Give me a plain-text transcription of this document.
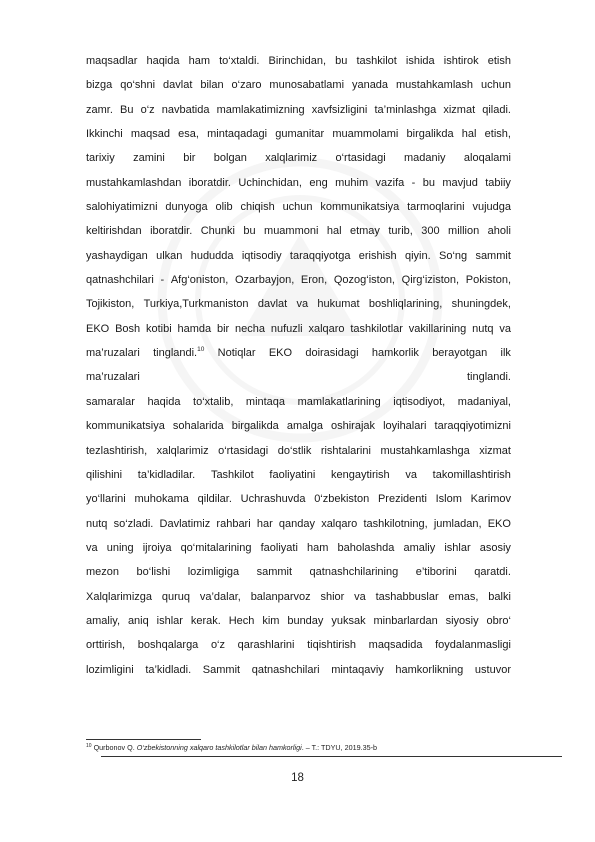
maqsadlar haqida ham to‘xtaldi. Birinchidan, bu tashkilot ishida ishtirok etish
bizga qo‘shni davlat bilan o‘zaro munosabatlami yanada mustahkamlash uchun
zamr. Bu o‘z navbatida mamlakatimizning xavfsizligini ta’minlashga xizmat qiladi.
Ikkinchi maqsad esa, mintaqadagi gumanitar muammolami birgalikda hal etish,
tarixiy zamini bir bolgan xalqlarimiz o‘rtasidagi madaniy aloqalami
mustahkamlashdan iboratdir. Uchinchidan, eng muhim vazifa - bu mavjud tabiiy
salohiyatimizni dunyoga olib chiqish uchun kommunikatsiya tarmoqlarini vujudga
keltirishdan iboratdir. Chunki bu muammoni hal etmay turib, 300 million aholi
yashaydigan ulkan hududda iqtisodiy taraqqiyotga erishish qiyin. So‘ng sammit
qatnashchilari - Afg‘oniston, Ozarbayjon, Eron, Qozog‘iston, Qirg‘iziston, Pokiston,
Tojikiston, Turkiya,Turkmaniston davlat va hukumat boshliqlarining, shuningdek,
EKO Bosh kotibi hamda bir necha nufuzli xalqaro tashkilotlar vakillarining nutq va
ma’ruzalari tinglandi.$^{10}$ Notiqlar EKO doirasidagi hamkorlik berayotgan ilk
ma’ruzalari	tinglandi.
samaralar haqida to‘xtalib, mintaqa mamlakatlarining iqtisodiyot, madaniyal,
kommunikatsiya sohalarida birgalikda amalga oshirajak loyihalari taraqqiyotimizni
tezlashtirish, xalqlarimiz o‘rtasidagi do‘stlik rishtalarini mustahkamlashga xizmat
qilishini ta’kidladilar. Tashkilot faoliyatini kengaytirish va takomillashtirish
yo‘llarini muhokama qildilar. Uchrashuvda 0‘zbekiston Prezidenti Islom Karimov
nutq so‘zladi. Davlatimiz rahbari har qanday xalqaro tashkilotning, jumladan, EKO
va uning ijroiya qo‘mitalarining faoliyati ham baholashda amaliy ishlar asosiy
mezon bo‘lishi lozimligiga sammit qatnashchilarining e’tiborini qaratdi.
Xalqlarimizga quruq va’dalar, balanparvoz shior va tashabbuslar emas, balki
amaliy, aniq ishlar kerak. Hech kim bunday yuksak minbarlardan siyosiy obro‘
orttirish, boshqalarga o‘z qarashlarini tiqishtirish maqsadida foydalanmasligi
lozimligini ta’kidladi. Sammit qatnashchilari mintaqaviy hamkorlikning ustuvor
$^{10}$ Qurbonov Q. O‘zbekistonning xalqaro tashkilotlar bilan hamkorligi. – T.: TDYU, 2019.35-b
18
